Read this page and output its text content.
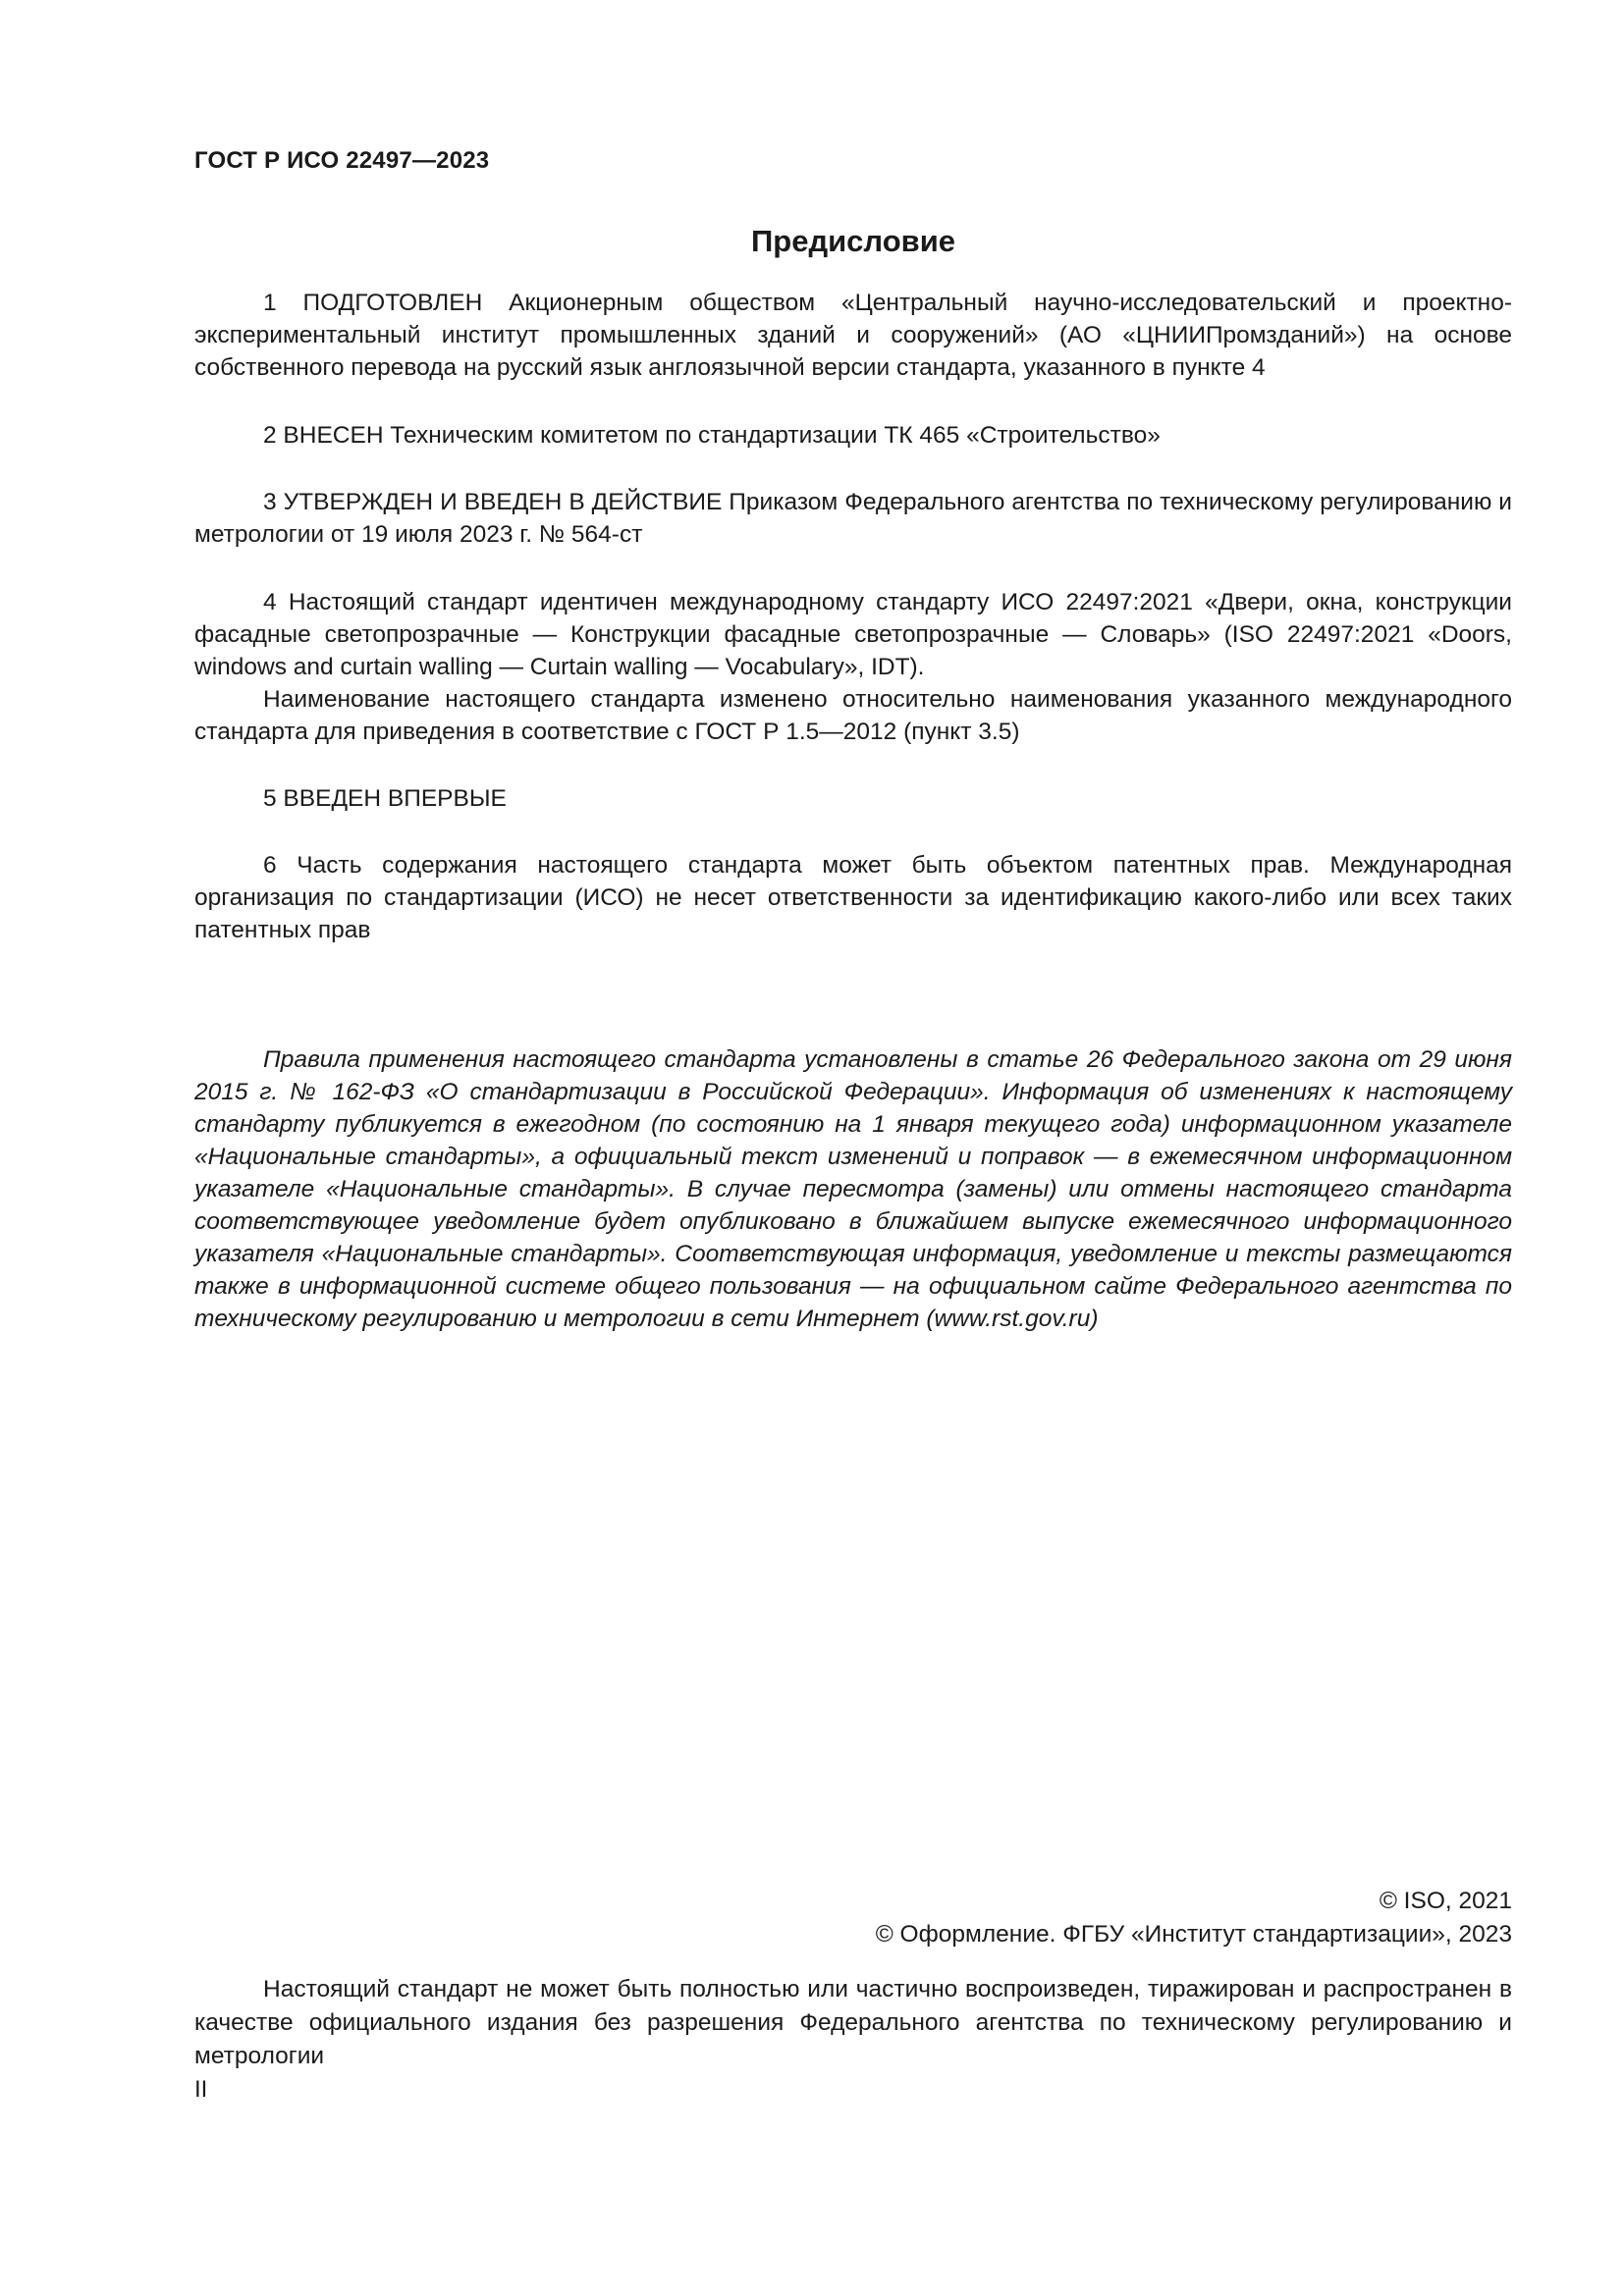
ГОСТ Р ИСО 22497—2023
Предисловие

1 ПОДГОТОВЛЕН Акционерным обществом «Центральный научно-исследовательский и проектно-экспериментальный институт промышленных зданий и сооружений» (АО «ЦНИИПромзданий») на основе собственного перевода на русский язык англоязычной версии стандарта, указанного в пункте 4

2 ВНЕСЕН Техническим комитетом по стандартизации ТК 465 «Строительство»

3 УТВЕРЖДЕН И ВВЕДЕН В ДЕЙСТВИЕ Приказом Федерального агентства по техническому регулированию и метрологии от 19 июля 2023 г. № 564-ст

4 Настоящий стандарт идентичен международному стандарту ИСО 22497:2021 «Двери, окна, конструкции фасадные светопрозрачные — Конструкции фасадные светопрозрачные — Словарь» (ISO 22497:2021 «Doors, windows and curtain walling — Curtain walling — Vocabulary», IDT).

Наименование настоящего стандарта изменено относительно наименования указанного международного стандарта для приведения в соответствие с ГОСТ Р 1.5—2012 (пункт 3.5)

5 ВВЕДЕН ВПЕРВЫЕ

6 Часть содержания настоящего стандарта может быть объектом патентных прав. Международная организация по стандартизации (ИСО) не несет ответственности за идентификацию какого-либо или всех таких патентных прав

Правила применения настоящего стандарта установлены в статье 26 Федерального закона от 29 июня 2015 г. № 162-ФЗ «О стандартизации в Российской Федерации». Информация об изменениях к настоящему стандарту публикуется в ежегодном (по состоянию на 1 января текущего года) информационном указателе «Национальные стандарты», а официальный текст изменений и поправок — в ежемесячном информационном указателе «Национальные стандарты». В случае пересмотра (замены) или отмены настоящего стандарта соответствующее уведомление будет опубликовано в ближайшем выпуске ежемесячного информационного указателя «Национальные стандарты». Соответствующая информация, уведомление и тексты размещаются также в информационной системе общего пользования — на официальном сайте Федерального агентства по техническому регулированию и метрологии в сети Интернет (www.rst.gov.ru)

© ISO, 2021
© Оформление. ФГБУ «Институт стандартизации», 2023

Настоящий стандарт не может быть полностью или частично воспроизведен, тиражирован и распространен в качестве официального издания без разрешения Федерального агентства по техническому регулированию и метрологии

II
